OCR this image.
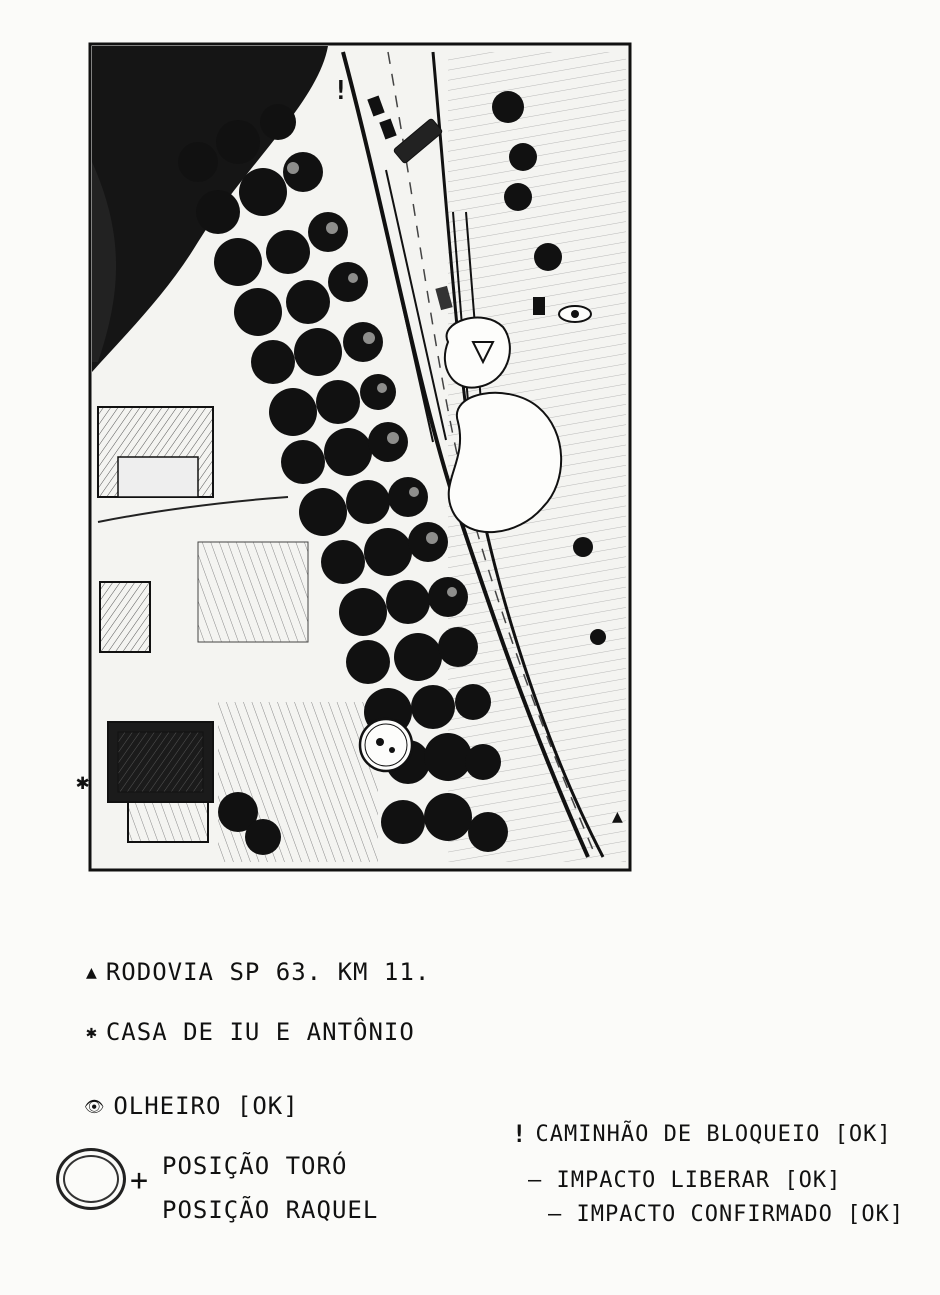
!
✱
▲
▲ RODOVIA SP 63. KM 11.
✱ CASA DE IU E ANTÔNIO
👁 OLHEIRO [OK]
+ POSIÇÃO TORÓ
POSIÇÃO RAQUEL
! CAMINHÃO DE BLOQUEIO [OK]
– IMPACTO LIBERAR [OK]
– IMPACTO CONFIRMADO [OK]
